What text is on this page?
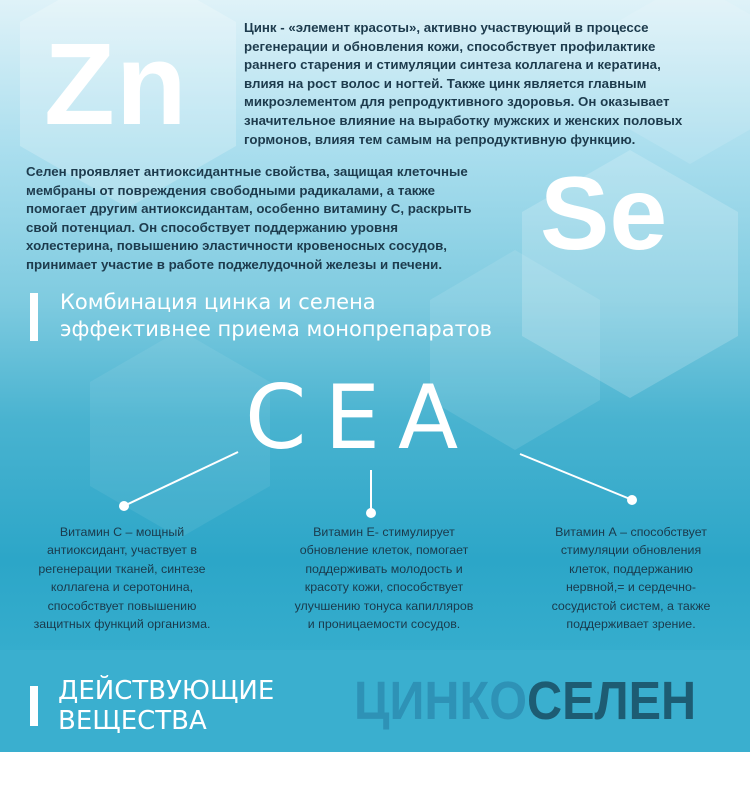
Zn	Цинк - «элемент красоты», активно участвующий в процессе
регенерации и обновления кожи, способствует профилактике
раннего старения и стимуляции синтеза коллагена и кератина,
влияя на рост волос и ногтей. Также цинк является главным
микроэлементом для репродуктивного здоровья. Он оказывает
значительное влияние на выработку мужских и женских половых
гормонов, влияя тем самым на репродуктивную функцию.
Селен проявляет антиоксидантные свойства, защищая клеточные
мембраны от повреждения свободными радикалами, а также
помогает другим антиоксидантам, особенно витамину С, раскрыть
свой потенциал. Он способствует поддержанию уровня
холестерина, повышению эластичности кровеносных сосудов,
принимает участие в работе поджелудочной железы и печени. Se
Комбинация цинка и селена
эффективнее приема монопрепаратов
CEA
Витамин С – мощный
антиоксидант, участвует в
регенерации тканей, синтезе
коллагена и серотонина,
способствует повышению
защитных функций организма.
Витамин Е- стимулирует
обновление клеток, помогает
поддерживать молодость и
красоту кожи, способствует
улучшению тонуса капилляров
и проницаемости сосудов.
Витамин А – способствует
стимуляции обновления
клеток, поддержанию
нервной,= и сердечно-
сосудистой систем, а также
поддерживает зрение.
ДЕЙСТВУЮЩИЕ
ВЕЩЕСТВА	ЦИНКОСЕЛЕН
